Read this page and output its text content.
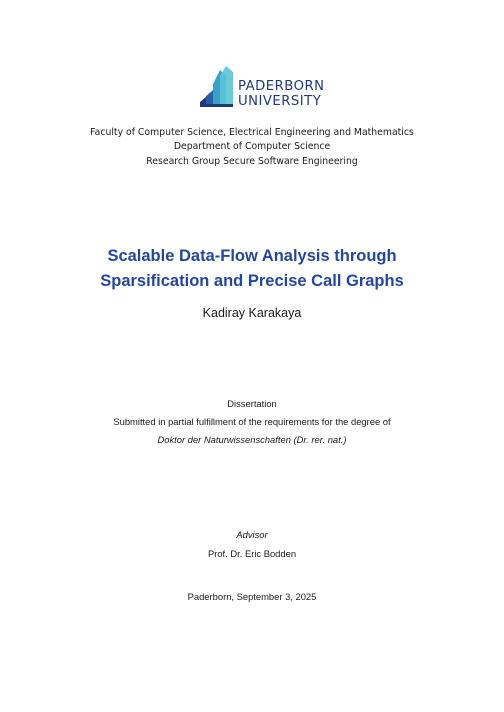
PADERBORN
UNIVERSITY
Faculty of Computer Science, Electrical Engineering and Mathematics
Department of Computer Science
Research Group Secure Software Engineering
Scalable Data-Flow Analysis through
Sparsification and Precise Call Graphs
Kadiray Karakaya
Dissertation
Submitted in partial fulfillment of the requirements for the degree of
Doktor der Naturwissenschaften (Dr. rer. nat.)
Advisor
Prof. Dr. Eric Bodden
Paderborn, September 3, 2025
